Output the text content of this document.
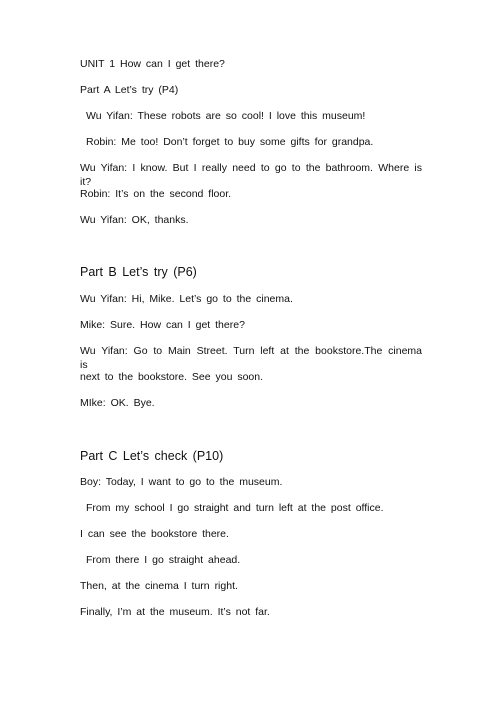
UNIT 1 How can I get there?
Part A Let’s try (P4)
Wu Yifan: These robots are so cool! I love this museum!
Robin: Me too! Don’t forget to buy some gifts for grandpa.
Wu Yifan: I know. But I really need to go to the bathroom. Where is it?
Robin: It’s on the second floor.
Wu Yifan: OK, thanks.
Part B Let’s try (P6)
Wu Yifan: Hi, Mike. Let’s go to the cinema.
Mike: Sure. How can I get there?
Wu Yifan: Go to Main Street. Turn left at the bookstore.The cinema is
next to the bookstore. See you soon.
MIke: OK. Bye.
Part C Let’s check (P10)
Boy: Today, I want to go to the museum.
From my school I go straight and turn left at the post office.
I can see the bookstore there.
From there I go straight ahead.
Then, at the cinema I turn right.
Finally, I’m at the museum. It’s not far.
